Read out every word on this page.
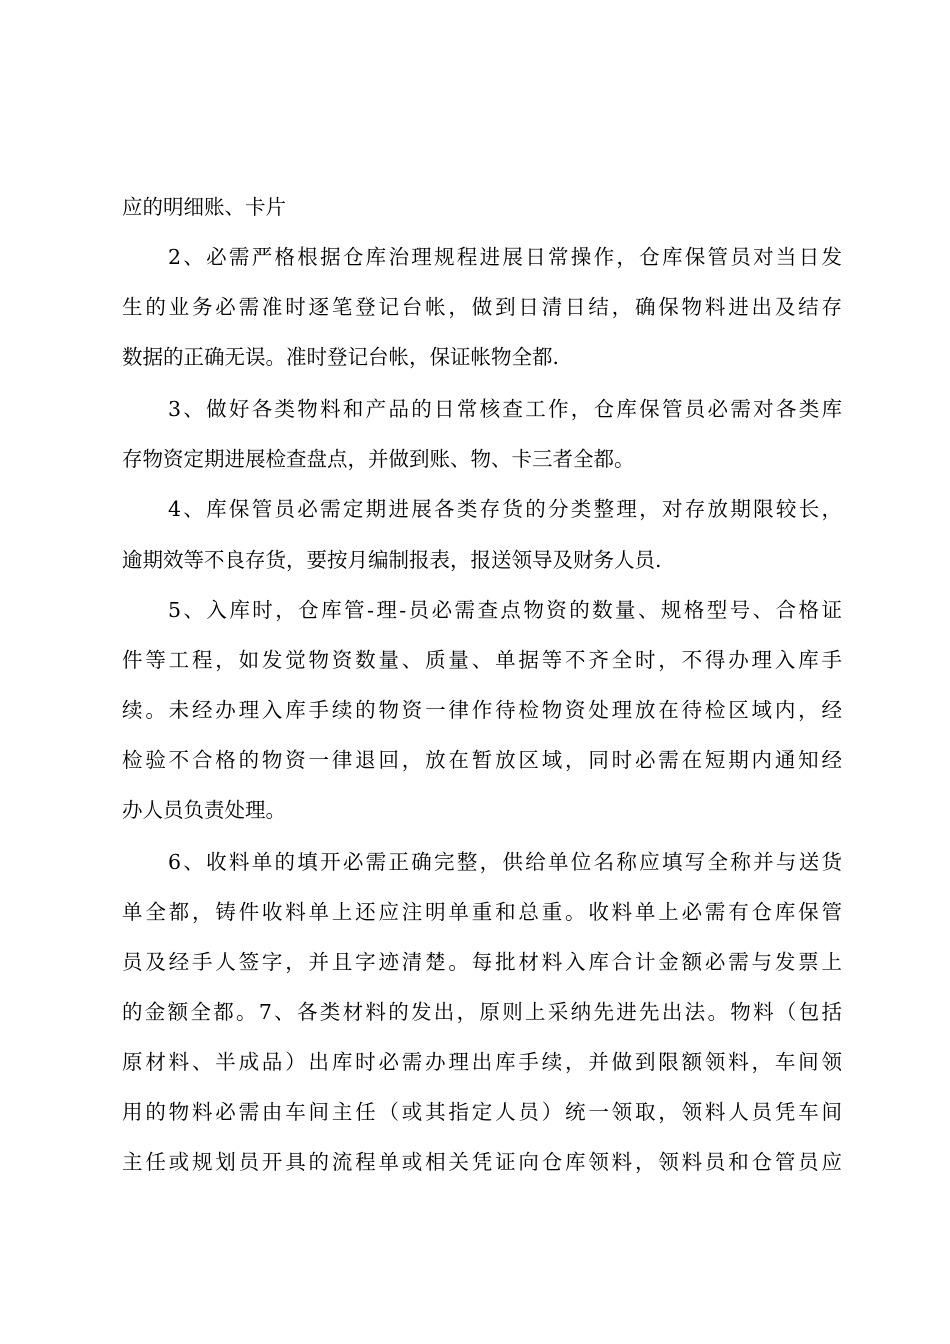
应的明细账、卡片
2、必需严格根据仓库治理规程进展日常操作，仓库保管员对当日发
生的业务必需准时逐笔登记台帐，做到日清日结，确保物料进出及结存
数据的正确无误。准时登记台帐，保证帐物全都.
3、做好各类物料和产品的日常核查工作，仓库保管员必需对各类库
存物资定期进展检查盘点，并做到账、物、卡三者全都。
4、库保管员必需定期进展各类存货的分类整理，对存放期限较长，
逾期效等不良存货，要按月编制报表，报送领导及财务人员.
5、入库时，仓库管-理-员必需查点物资的数量、规格型号、合格证
件等工程，如发觉物资数量、质量、单据等不齐全时，不得办理入库手
续。未经办理入库手续的物资一律作待检物资处理放在待检区域内，经
检验不合格的物资一律退回，放在暂放区域，同时必需在短期内通知经
办人员负责处理。
6、收料单的填开必需正确完整，供给单位名称应填写全称并与送货
单全都，铸件收料单上还应注明单重和总重。收料单上必需有仓库保管
员及经手人签字，并且字迹清楚。每批材料入库合计金额必需与发票上
的金额全都。7、各类材料的发出，原则上采纳先进先出法。物料（包括
原材料、半成品）出库时必需办理出库手续，并做到限额领料，车间领
用的物料必需由车间主任（或其指定人员）统一领取，领料人员凭车间
主任或规划员开具的流程单或相关凭证向仓库领料，领料员和仓管员应
